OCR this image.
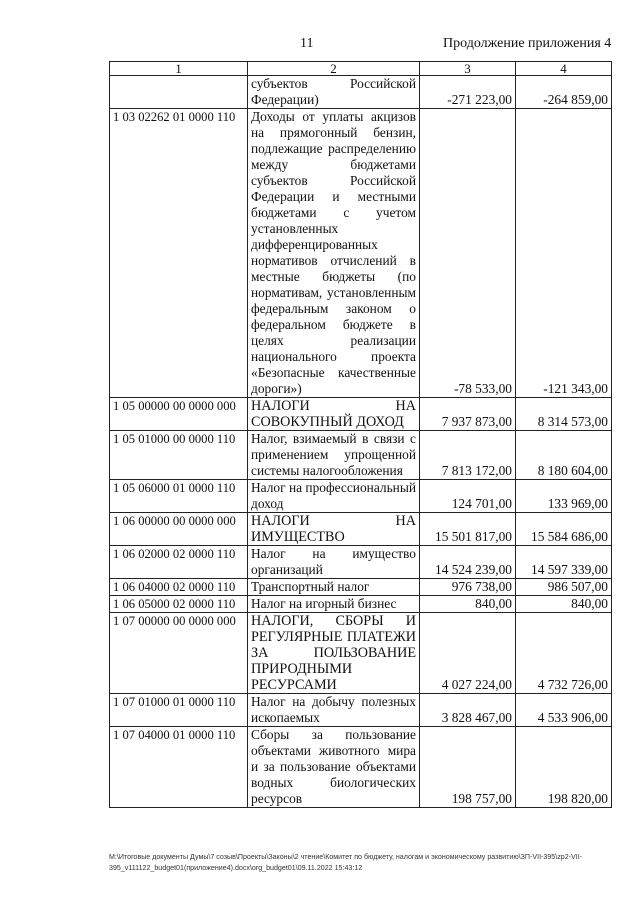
11	Продолжение приложения 4
1	2	3	4
	субъектов Российской Федерации)	-271 223,00	-264 859,00
1 03 02262 01 0000 110	Доходы от уплаты акцизов на прямогонный бензин, подлежащие распределению между бюджетами субъектов Российской Федерации и местными бюджетами с учетом установленных дифференцированных нормативов отчислений в местные бюджеты (по нормативам, установленным федеральным законом о федеральном бюджете в целях реализации национального проекта «Безопасные качественные дороги»)	-78 533,00	-121 343,00
1 05 00000 00 0000 000	НАЛОГИ НА СОВОКУПНЫЙ ДОХОД	7 937 873,00	8 314 573,00
1 05 01000 00 0000 110	Налог, взимаемый в связи с применением упрощенной системы налогообложения	7 813 172,00	8 180 604,00
1 05 06000 01 0000 110	Налог на профессиональный доход	124 701,00	133 969,00
1 06 00000 00 0000 000	НАЛОГИ НА ИМУЩЕСТВО	15 501 817,00	15 584 686,00
1 06 02000 02 0000 110	Налог на имущество организаций	14 524 239,00	14 597 339,00
1 06 04000 02 0000 110	Транспортный налог	976 738,00	986 507,00
1 06 05000 02 0000 110	Налог на игорный бизнес	840,00	840,00
1 07 00000 00 0000 000	НАЛОГИ, СБОРЫ И РЕГУЛЯРНЫЕ ПЛАТЕЖИ ЗА ПОЛЬЗОВАНИЕ ПРИРОДНЫМИ РЕСУРСАМИ	4 027 224,00	4 732 726,00
1 07 01000 01 0000 110	Налог на добычу полезных ископаемых	3 828 467,00	4 533 906,00
1 07 04000 01 0000 110	Сборы за пользование объектами животного мира и за пользование объектами водных биологических ресурсов	198 757,00	198 820,00
М:\Итоговые документы Думы\7 созыв\Проекты\Законы\2 чтение\Комитет по бюджету, налогам и экономическому развитию\ЗП-VII-395\zp2-VII-395_v111122_budget01(приложение4).docx\org_budget01\09.11.2022 15:43:12
